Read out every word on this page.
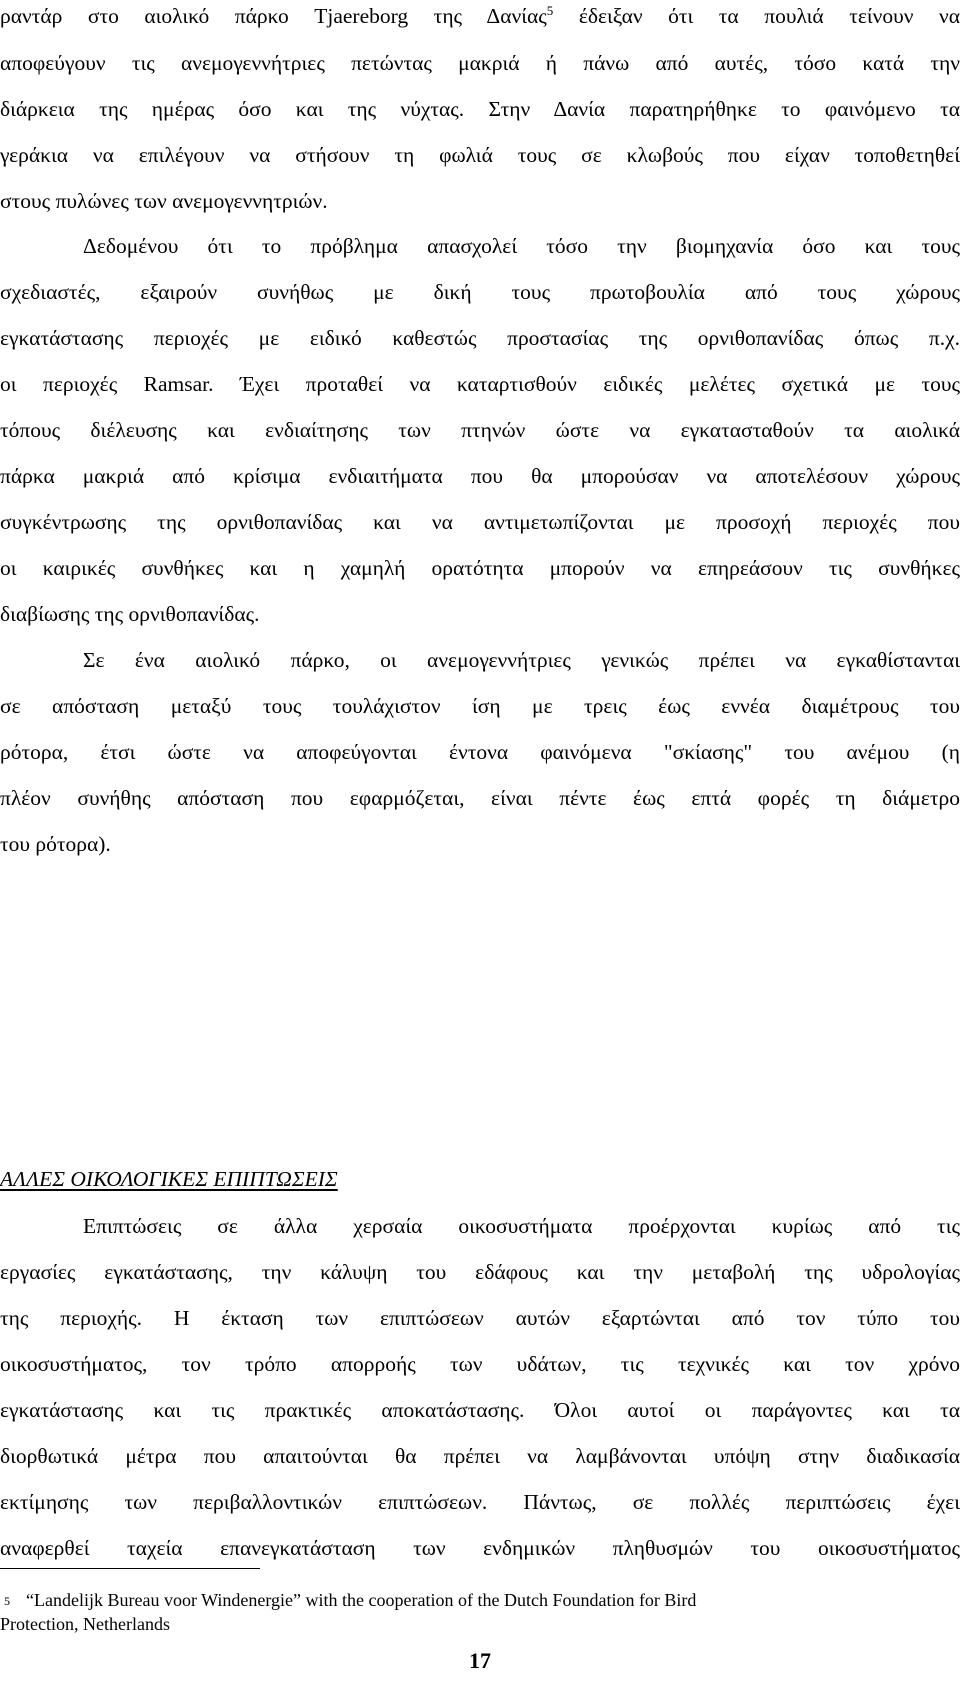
ραντάρ στο αιολικό πάρκο Tjaereborg της Δανίας$^5$ έδειξαν ότι τα πουλιά τείνουν να
αποφεύγουν τις ανεμογεννήτριες πετώντας μακριά ή πάνω από αυτές, τόσο κατά την
διάρκεια της ημέρας όσο και της νύχτας. Στην Δανία παρατηρήθηκε το φαινόμενο τα
γεράκια να επιλέγουν να στήσουν τη φωλιά τους σε κλωβούς που είχαν τοποθετηθεί
στους πυλώνες των ανεμογεννητριών.
Δεδομένου ότι το πρόβλημα απασχολεί τόσο την βιομηχανία όσο και τους
σχεδιαστές, εξαιρούν συνήθως με δική τους πρωτοβουλία από τους χώρους
εγκατάστασης περιοχές με ειδικό καθεστώς προστασίας της ορνιθοπανίδας όπως π.χ.
οι περιοχές Ramsar. Έχει προταθεί να καταρτισθούν ειδικές μελέτες σχετικά με τους
τόπους διέλευσης και ενδιαίτησης των πτηνών ώστε να εγκατασταθούν τα αιολικά
πάρκα μακριά από κρίσιμα ενδιαιτήματα που θα μπορούσαν να αποτελέσουν χώρους
συγκέντρωσης της ορνιθοπανίδας και να αντιμετωπίζονται με προσοχή περιοχές που
οι καιρικές συνθήκες και η χαμηλή ορατότητα μπορούν να επηρεάσουν τις συνθήκες
διαβίωσης της ορνιθοπανίδας.
Σε ένα αιολικό πάρκο, οι ανεμογεννήτριες γενικώς πρέπει να εγκαθίστανται
σε απόσταση μεταξύ τους τουλάχιστον ίση με τρεις έως εννέα διαμέτρους του
ρότορα, έτσι ώστε να αποφεύγονται έντονα φαινόμενα "σκίασης" του ανέμου (η
πλέον συνήθης απόσταση που εφαρμόζεται, είναι πέντε έως επτά φορές τη διάμετρο
του ρότορα).
ΑΛΛΕΣ ΟΙΚΟΛΟΓΙΚΕΣ ΕΠΙΠΤΩΣΕΙΣ
Επιπτώσεις σε άλλα χερσαία οικοσυστήματα προέρχονται κυρίως από τις
εργασίες εγκατάστασης, την κάλυψη του εδάφους και την μεταβολή της υδρολογίας
της περιοχής. Η έκταση των επιπτώσεων αυτών εξαρτώνται από τον τύπο του
οικοσυστήματος, τον τρόπο απορροής των υδάτων, τις τεχνικές και τον χρόνο
εγκατάστασης και τις πρακτικές αποκατάστασης. Όλοι αυτοί οι παράγοντες και τα
διορθωτικά μέτρα που απαιτούνται θα πρέπει να λαμβάνονται υπόψη στην διαδικασία
εκτίμησης των περιβαλλοντικών επιπτώσεων. Πάντως, σε πολλές περιπτώσεις έχει
αναφερθεί ταχεία επανεγκατάσταση των ενδημικών πληθυσμών του οικοσυστήματος
5 “Landelijk Bureau voor Windenergie” with the cooperation of the Dutch Foundation for Bird
Protection, Netherlands
17
